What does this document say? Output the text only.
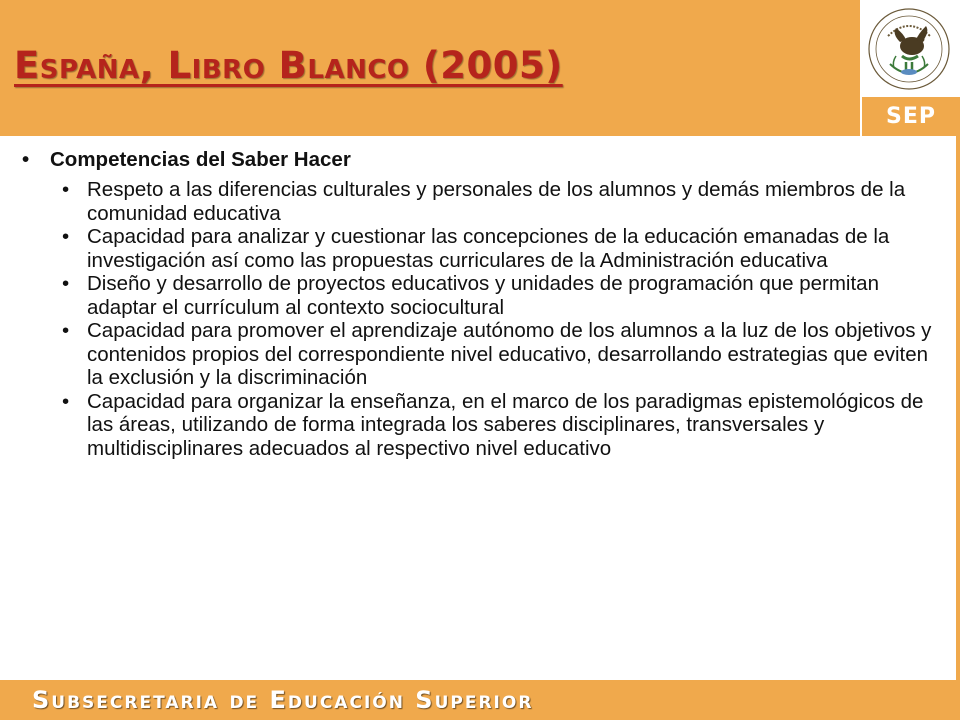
España, Libro Blanco (2005)
SEP
• Competencias del Saber Hacer
• Respeto a las diferencias culturales y personales de los alumnos y demás miembros de la comunidad educativa
• Capacidad para analizar y cuestionar las concepciones de la educación emanadas de la investigación así como las propuestas curriculares de la Administración educativa
• Diseño y desarrollo de proyectos educativos y unidades de programación que permitan adaptar el currículum al contexto sociocultural
• Capacidad para promover el aprendizaje autónomo de los alumnos a la luz de los objetivos y contenidos propios del correspondiente nivel educativo, desarrollando estrategias que eviten la exclusión y la discriminación
• Capacidad para organizar la enseñanza, en el marco de los paradigmas epistemológicos de las áreas, utilizando de forma integrada los saberes disciplinares, transversales y multidisciplinares adecuados al respectivo nivel educativo
Subsecretaria de Educación Superior
